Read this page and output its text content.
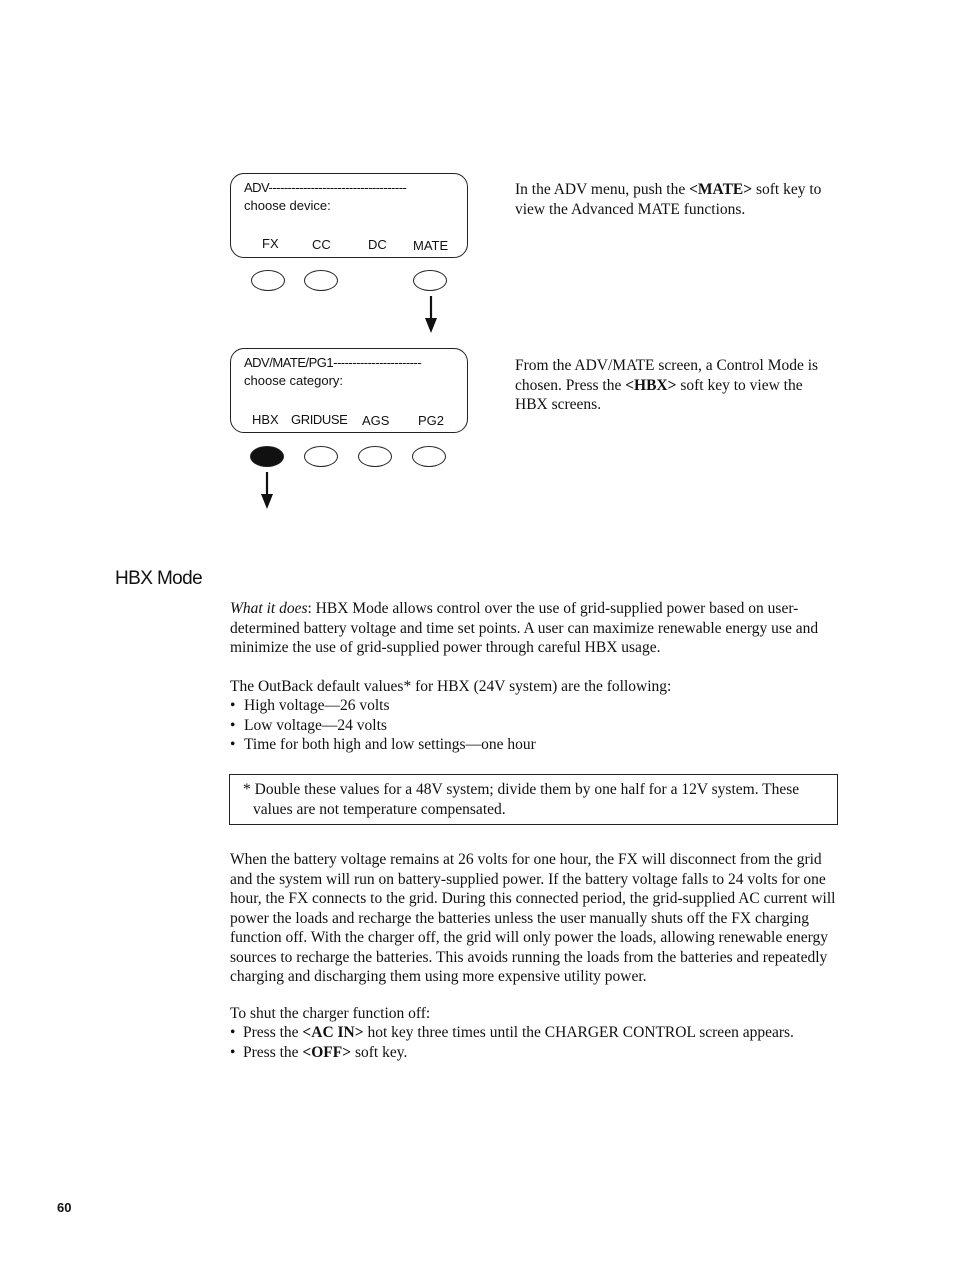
ADV------------------------------------
choose device:
FX	CC	DC MATE
In the ADV menu, push the <MATE> soft key to view the Advanced MATE functions.
ADV/MATE/PG1-----------------------
choose category:
HBX GRIDUSE AGS PG2
From the ADV/MATE screen, a Control Mode is chosen. Press the <HBX> soft key to view the HBX screens.
HBX Mode
What it does: HBX Mode allows control over the use of grid-supplied power based on user-determined battery voltage and time set points. A user can maximize renewable energy use and minimize the use of grid-supplied power through careful HBX usage.
The OutBack default values* for HBX (24V system) are the following:
• High voltage—26 volts
• Low voltage—24 volts
• Time for both high and low settings—one hour
* Double these values for a 48V system; divide them by one half for a 12V system. These values are not temperature compensated.
When the battery voltage remains at 26 volts for one hour, the FX will disconnect from the grid and the system will run on battery-supplied power. If the battery voltage falls to 24 volts for one hour, the FX connects to the grid. During this connected period, the grid-supplied AC current will power the loads and recharge the batteries unless the user manually shuts off the FX charging function off. With the charger off, the grid will only power the loads, allowing renewable energy sources to recharge the batteries. This avoids running the loads from the batteries and repeatedly charging and discharging them using more expensive utility power.
To shut the charger function off:
• Press the <AC IN> hot key three times until the CHARGER CONTROL screen appears.
• Press the <OFF> soft key.
60
